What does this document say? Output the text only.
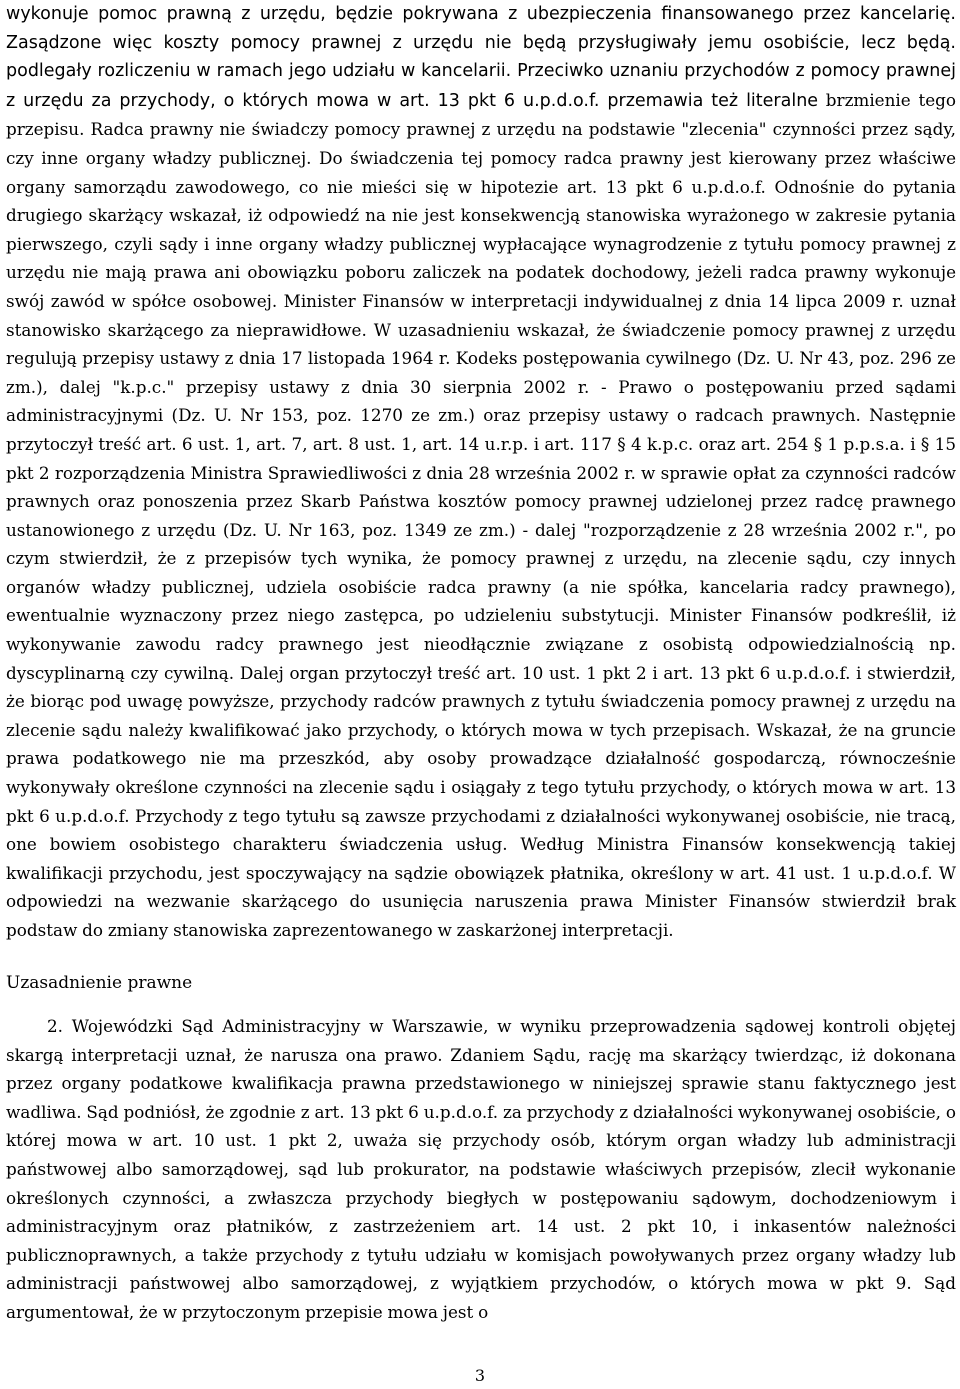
wykonuje pomoc prawną z urzędu, będzie pokrywana z ubezpieczenia finansowanego przez kancelarię. Zasądzone więc koszty pomocy prawnej z urzędu nie będą przysługiwały jemu osobiście, lecz będą. podlegały rozliczeniu w ramach jego udziału w kancelarii. Przeciwko uznaniu przychodów z pomocy prawnej z urzędu za przychody, o których mowa w art. 13 pkt 6 u.p.d.o.f. przemawia też literalne brzmienie tego przepisu. Radca prawny nie świadczy pomocy prawnej z urzędu na podstawie "zlecenia" czynności przez sądy, czy inne organy władzy publicznej. Do świadczenia tej pomocy radca prawny jest kierowany przez właściwe organy samorządu zawodowego, co nie mieści się w hipotezie art. 13 pkt 6 u.p.d.o.f. Odnośnie do pytania drugiego skarżący wskazał, iż odpowiedź na nie jest konsekwencją stanowiska wyrażonego w zakresie pytania pierwszego, czyli sądy i inne organy władzy publicznej wypłacające wynagrodzenie z tytułu pomocy prawnej z urzędu nie mają prawa ani obowiązku poboru zaliczek na podatek dochodowy, jeżeli radca prawny wykonuje swój zawód w spółce osobowej. Minister Finansów w interpretacji indywidualnej z dnia 14 lipca 2009 r. uznał stanowisko skarżącego za nieprawidłowe. W uzasadnieniu wskazał, że świadczenie pomocy prawnej z urzędu regulują przepisy ustawy z dnia 17 listopada 1964 r. Kodeks postępowania cywilnego (Dz. U. Nr 43, poz. 296 ze zm.), dalej "k.p.c." przepisy ustawy z dnia 30 sierpnia 2002 r. - Prawo o postępowaniu przed sądami administracyjnymi (Dz. U. Nr 153, poz. 1270 ze zm.) oraz przepisy ustawy o radcach prawnych. Następnie przytoczył treść art. 6 ust. 1, art. 7, art. 8 ust. 1, art. 14 u.r.p. i art. 117 § 4 k.p.c. oraz art. 254 § 1 p.p.s.a. i § 15 pkt 2 rozporządzenia Ministra Sprawiedliwości z dnia 28 września 2002 r. w sprawie opłat za czynności radców prawnych oraz ponoszenia przez Skarb Państwa kosztów pomocy prawnej udzielonej przez radcę prawnego ustanowionego z urzędu (Dz. U. Nr 163, poz. 1349 ze zm.) - dalej "rozporządzenie z 28 września 2002 r.", po czym stwierdził, że z przepisów tych wynika, że pomocy prawnej z urzędu, na zlecenie sądu, czy innych organów władzy publicznej, udziela osobiście radca prawny (a nie spółka, kancelaria radcy prawnego), ewentualnie wyznaczony przez niego zastępca, po udzieleniu substytucji. Minister Finansów podkreślił, iż wykonywanie zawodu radcy prawnego jest nieodłącznie związane z osobistą odpowiedzialnością np. dyscyplinarną czy cywilną. Dalej organ przytoczył treść art. 10 ust. 1 pkt 2 i art. 13 pkt 6 u.p.d.o.f. i stwierdził, że biorąc pod uwagę powyższe, przychody radców prawnych z tytułu świadczenia pomocy prawnej z urzędu na zlecenie sądu należy kwalifikować jako przychody, o których mowa w tych przepisach. Wskazał, że na gruncie prawa podatkowego nie ma przeszkód, aby osoby prowadzące działalność gospodarczą, równocześnie wykonywały określone czynności na zlecenie sądu i osiągały z tego tytułu przychody, o których mowa w art. 13 pkt 6 u.p.d.o.f. Przychody z tego tytułu są zawsze przychodami z działalności wykonywanej osobiście, nie tracą, one bowiem osobistego charakteru świadczenia usług. Według Ministra Finansów konsekwencją takiej kwalifikacji przychodu, jest spoczywający na sądzie obowiązek płatnika, określony w art. 41 ust. 1 u.p.d.o.f. W odpowiedzi na wezwanie skarżącego do usunięcia naruszenia prawa Minister Finansów stwierdził brak podstaw do zmiany stanowiska zaprezentowanego w zaskarżonej interpretacji.

Uzasadnienie prawne

2. Wojewódzki Sąd Administracyjny w Warszawie, w wyniku przeprowadzenia sądowej kontroli objętej skargą interpretacji uznał, że narusza ona prawo. Zdaniem Sądu, rację ma skarżący twierdząc, iż dokonana przez organy podatkowe kwalifikacja prawna przedstawionego w niniejszej sprawie stanu faktycznego jest wadliwa. Sąd podniósł, że zgodnie z art. 13 pkt 6 u.p.d.o.f. za przychody z działalności wykonywanej osobiście, o której mowa w art. 10 ust. 1 pkt 2, uważa się przychody osób, którym organ władzy lub administracji państwowej albo samorządowej, sąd lub prokurator, na podstawie właściwych przepisów, zlecił wykonanie określonych czynności, a zwłaszcza przychody biegłych w postępowaniu sądowym, dochodzeniowym i administracyjnym oraz płatników, z zastrzeżeniem art. 14 ust. 2 pkt 10, i inkasentów należności publicznoprawnych, a także przychody z tytułu udziału w komisjach powoływanych przez organy władzy lub administracji państwowej albo samorządowej, z wyjątkiem przychodów, o których mowa w pkt 9. Sąd argumentował, że w przytoczonym przepisie mowa jest o

3
